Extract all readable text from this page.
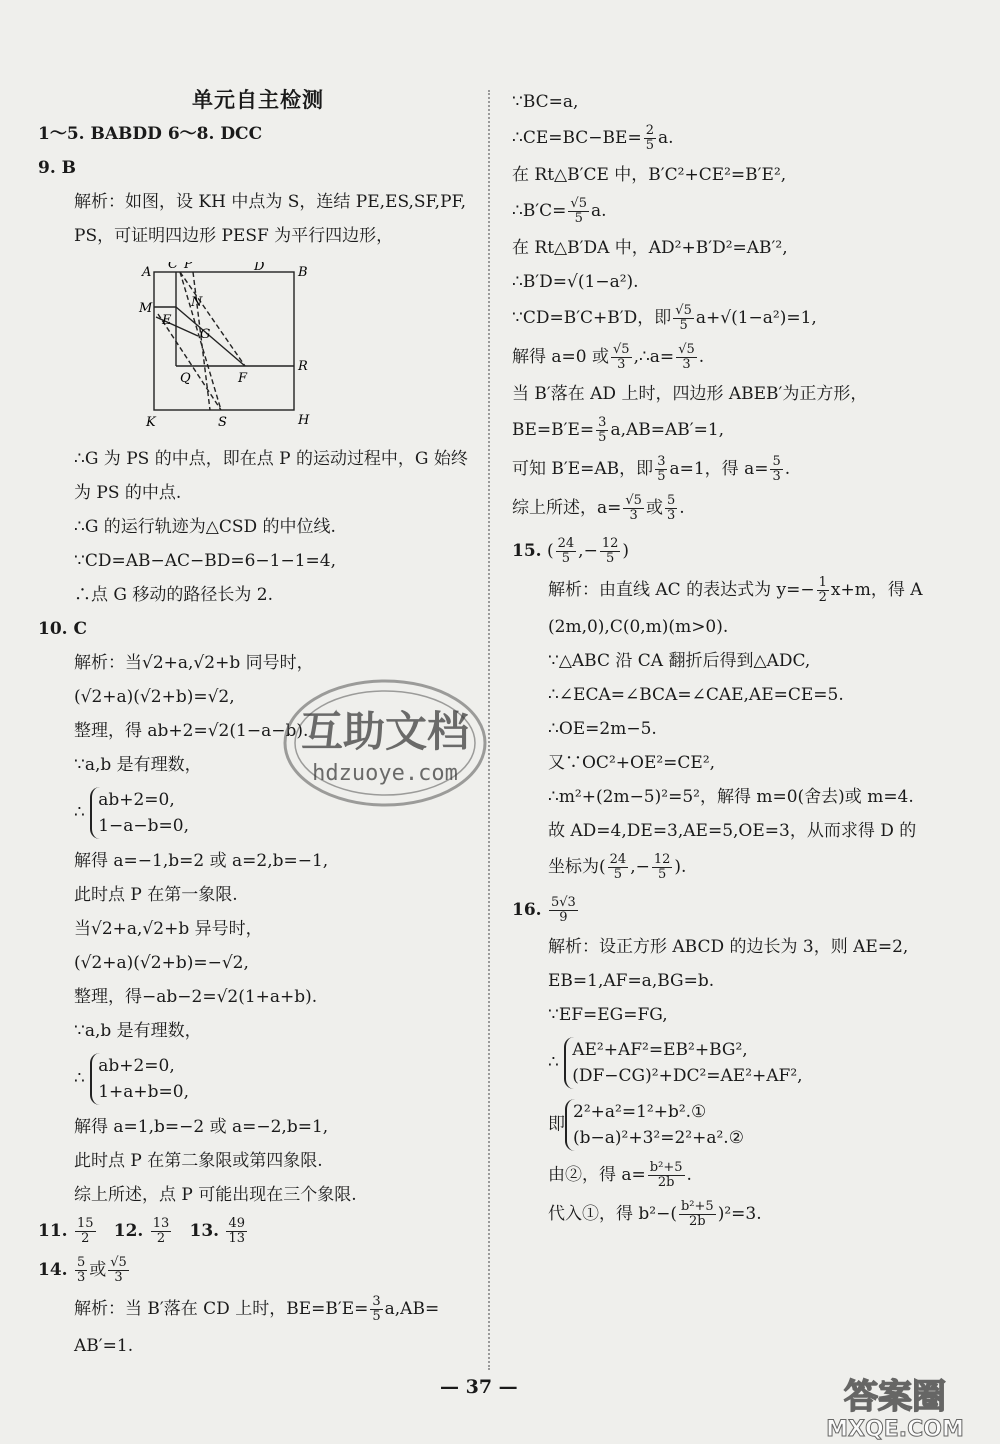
单元自主检测
1～5. BABDD 6～8. DCC
9. B
解析：如图，设 KH 中点为 S，连结 PE,ES,SF,PF,
PS，可证明四边形 PESF 为平行四边形，
A
C P	D	B
M	N
E
G
Q	F
R
K	S	H
∴G 为 PS 的中点，即在点 P 的运动过程中，G 始终
为 PS 的中点.
∴G 的运行轨迹为△CSD 的中位线.
∵CD=AB−AC−BD=6−1−1=4,
∴点 G 移动的路径长为 2.
10. C
解析：当√2+a,√2+b 同号时，
(√2+a)(√2+b)=√2,
整理，得 ab+2=√2(1−a−b).
∵a,b 是有理数，
∴
ab+2=0,
1−a−b=0,
解得 a=−1,b=2 或 a=2,b=−1,
此时点 P 在第一象限.
当√2+a,√2+b 异号时，
(√2+a)(√2+b)=−√2,
整理，得−ab−2=√2(1+a+b).
∵a,b 是有理数，
∴
ab+2=0,
1+a+b=0,
解得 a=1,b=−2 或 a=−2,b=1,
此时点 P 在第二象限或第四象限.
综上所述，点 P 可能出现在三个象限.
11. $\frac{15}{2} 12$. $\frac{13}{2} 13$. $\frac{49}{13}$
14. $\frac{5}{3}$ 或 $\frac{√5}{3}$
解析：当 B′落在 CD 上时，$BE=B'E= \frac{3}{5} a,AB=$
AB′=1.
∵BC=a,
∴CE=BC−BE= $\frac{2}{5} a$.
在 Rt△B′CE 中，B′C²+CE²=B′E²,
∴B′C= $\frac{√5}{5} a$.
在 Rt△B′DA 中，AD²+B′D²=AB′²,
∴B′D=√(1−a²).
∵CD=B′C+B′D，即 $\frac{√5}{5} a+√(1-a^2)=1$,
解得 a=0 或 $\frac{√5}{3}$ ,∴a= $\frac{√5}{3}$ .
当 B′落在 AD 上时，四边形 ABEB′为正方形，
$BE=B'E= \frac{3}{5} a,AB=AB'=1$,
可知 B′E=AB，即 $\frac{3}{5} a=1$，得 $a= \frac{5}{3}$ .
综上所述，$a= \frac{√5}{3}$ 或 $\frac{5}{3}$ .
15. ( $\frac{24}{5}$ ,− $\frac{12}{5}$ )
解析：由直线 AC 的表达式为 $y=- \frac{1}{2} x+m$，得 A
(2m,0),C(0,m)(m>0).
∵△ABC 沿 CA 翻折后得到△ADC,
∴∠ECA=∠BCA=∠CAE,AE=CE=5.
∴OE=2m−5.
又∵OC²+OE²=CE²,
∴m²+(2m−5)²=5²，解得 m=0(舍去)或 m=4.
故 AD=4,DE=3,AE=5,OE=3，从而求得 D 的
坐标为( $\frac{24}{5}$ ,− $\frac{12}{5}$ ).
16. $\frac{5√3}{9}$
解析：设正方形 ABCD 的边长为 3，则 AE=2,
EB=1,AF=a,BG=b.
∵EF=EG=FG,
∴
AE²+AF²=EB²+BG²,
(DF−CG)²+DC²=AE²+AF²,
即
2²+a²=1²+b².①
(b−a)²+3²=2²+a².②
由②，得 $a= \frac{\text{b²+5}}{2b}$ .
代入①，得 $b^2-( \frac{\text{b²+5}}{2b} )^2=3$.
— 37 —
互助文档
hdzuoye.com
答案圈
MXQE.COM
